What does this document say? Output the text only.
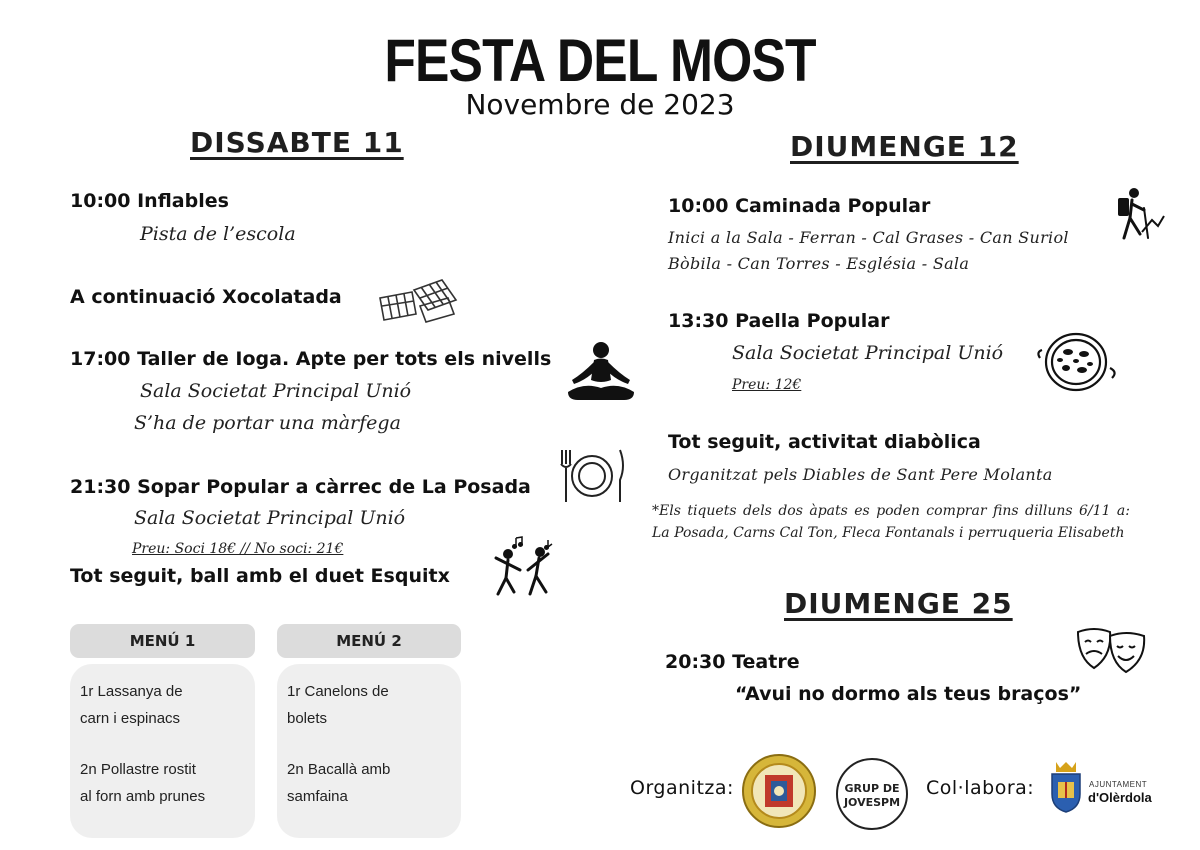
FESTA DEL MOST
Novembre de 2023
DISSABTE 11
10:00 Inflables
Pista de l’escola
A continuació Xocolatada
17:00 Taller de Ioga. Apte per tots els nivells
Sala Societat Principal Unió
S’ha de portar una màrfega
21:30 Sopar Popular a càrrec de La Posada
Sala Societat Principal Unió
Preu: Soci 18€ // No soci: 21€
Tot seguit, ball amb el duet Esquitx
MENÚ 1

1r Lassanya de

carn i espinacs

2n Pollastre rostit

al forn amb prunes

MENÚ 2

1r Canelons de

bolets

2n Bacallà amb

samfaina

DIUMENGE 12
10:00 Caminada Popular
Inici a la Sala - Ferran - Cal Grases - Can Suriol
Bòbila - Can Torres - Església - Sala
13:30 Paella Popular
Sala Societat Principal Unió
Preu: 12€
Tot seguit, activitat diabòlica
Organitzat pels Diables de Sant Pere Molanta
*Els tiquets dels dos àpats es poden comprar fins dilluns 6/11 a: La Posada, Carns Cal Ton, Fleca Fontanals i perruqueria Elisabeth
DIUMENGE 25
20:30 Teatre
“Avui no dormo als teus braços”
Organitza:	GRUP DE
JOVESPM
Col·labora:	AJUNTAMENT
d'Olèrdola
